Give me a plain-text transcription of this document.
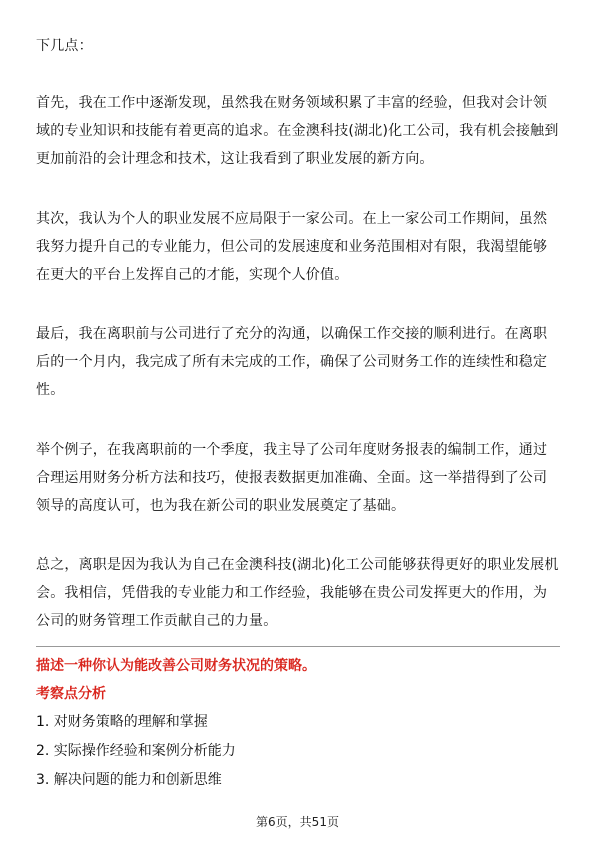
下几点：

首先，我在工作中逐渐发现，虽然我在财务领域积累了丰富的经验，但我对会计领域的专业知识和技能有着更高的追求。在金澳科技(湖北)化工公司，我有机会接触到更加前沿的会计理念和技术，这让我看到了职业发展的新方向。

其次，我认为个人的职业发展不应局限于一家公司。在上一家公司工作期间，虽然我努力提升自己的专业能力，但公司的发展速度和业务范围相对有限，我渴望能够在更大的平台上发挥自己的才能，实现个人价值。

最后，我在离职前与公司进行了充分的沟通，以确保工作交接的顺利进行。在离职后的一个月内，我完成了所有未完成的工作，确保了公司财务工作的连续性和稳定性。

举个例子，在我离职前的一个季度，我主导了公司年度财务报表的编制工作，通过合理运用财务分析方法和技巧，使报表数据更加准确、全面。这一举措得到了公司领导的高度认可，也为我在新公司的职业发展奠定了基础。

总之，离职是因为我认为自己在金澳科技(湖北)化工公司能够获得更好的职业发展机会。我相信，凭借我的专业能力和工作经验，我能够在贵公司发挥更大的作用，为公司的财务管理工作贡献自己的力量。

描述一种你认为能改善公司财务状况的策略。
考察点分析
1. 对财务策略的理解和掌握
2. 实际操作经验和案例分析能力
3. 解决问题的能力和创新思维
第6页，共51页
